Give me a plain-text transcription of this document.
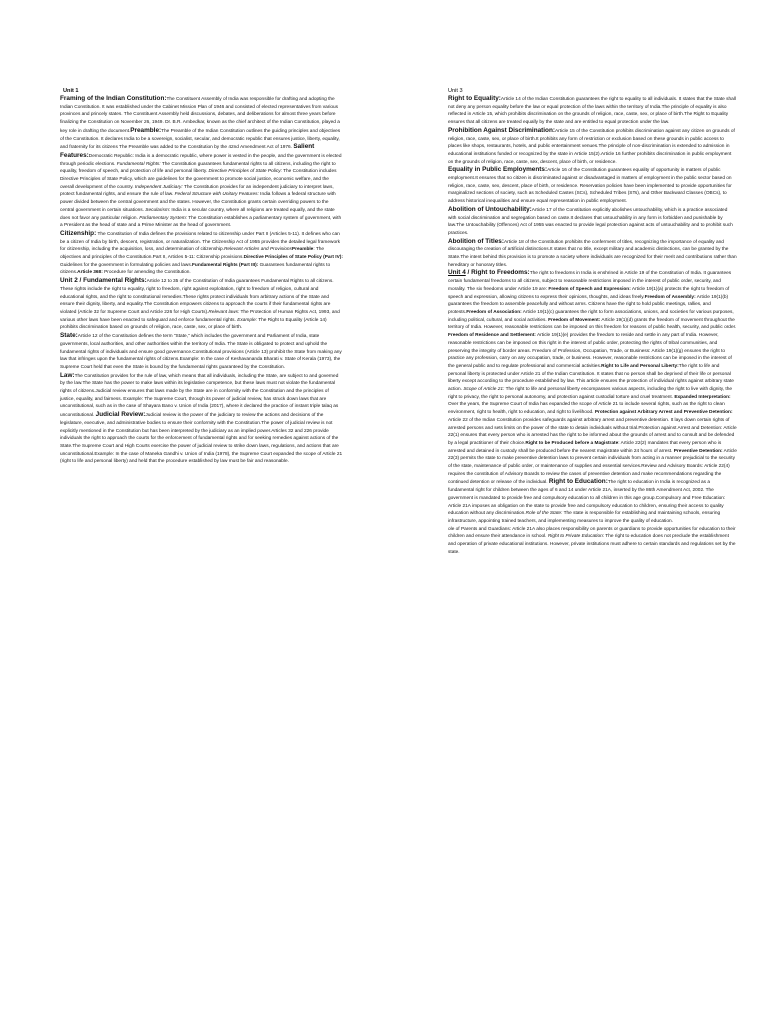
Unit 1

Framing of the Indian Constitution:The Constituent Assembly of India was responsible for drafting and adopting the Indian Constitution. It was established under the Cabinet Mission Plan of 1946 and consisted of elected representatives from various provinces and princely states. The Constituent Assembly held discussions, debates, and deliberations for almost three years before finalizing the Constitution on November 26, 1949. Dr. B.R. Ambedkar, known as the chief architect of the Indian Constitution, played a key role in drafting the document.Preamble:The Preamble of the Indian Constitution outlines the guiding principles and objectives of the Constitution. It declares India to be a sovereign, socialist, secular, and democratic republic that ensures justice, liberty, equality, and fraternity for its citizens The Preamble was added to the Constitution by the 42nd Amendment Act of 1976. Salient Features:Democratic Republic: India is a democratic republic, where power is vested in the people, and the government is elected through periodic elections. Fundamental Rights: The Constitution guarantees fundamental rights to all citizens, including the right to equality, freedom of speech, and protection of life and personal liberty. Directive Principles of State Policy: The Constitution includes Directive Principles of State Policy, which are guidelines for the government to promote social justice, economic welfare, and the overall development of the country. Independent Judiciary: The Constitution provides for an independent judiciary to interpret laws, protect fundamental rights, and ensure the rule of law. Federal Structure with Unitary Features: India follows a federal structure with power divided between the central government and the states. However, the Constitution grants certain overriding powers to the central government in certain situations. Secularism: India is a secular country, where all religions are treated equally, and the state does not favor any particular religion. Parliamentary System: The Constitution establishes a parliamentary system of government, with a President as the head of state and a Prime Minister as the head of government.

Citizenship: The Constitution of India defines the provisions related to citizenship under Part II (Articles 5-11). It defines who can be a citizen of India by birth, descent, registration, or naturalization. The Citizenship Act of 1955 provides the detailed legal framework for citizenship, including the acquisition, loss, and determination of citizenship.Relevant Articles and ProvisionsPreamble: The objectives and principles of the Constitution.Part II, Articles 5-11: Citizenship provisions.Directive Principles of State Policy (Part IV): Guidelines for the government in formulating policies and laws.Fundamental Rights (Part III): Guarantees fundamental rights to citizens.Article 368: Procedure for amending the Constitution.

Unit 2 / Fundamental Rights:Article 12 to 35 of the Constitution of India guarantees Fundamental Rights to all citizens. These rights include the right to equality, right to freedom, right against exploitation, right to freedom of religion, cultural and educational rights, and the right to constitutional remedies.These rights protect individuals from arbitrary actions of the State and ensure their dignity, liberty, and equality.The Constitution empowers citizens to approach the courts if their fundamental rights are violated (Article 32 for Supreme Court and Article 226 for High Courts).Relevant laws: The Protection of Human Rights Act, 1993, and various other laws have been enacted to safeguard and enforce fundamental rights. Example: The Right to Equality (Article 14) prohibits discrimination based on grounds of religion, race, caste, sex, or place of birth.

State:Article 12 of the Constitution defines the term "State," which includes the government and Parliament of India, state governments, local authorities, and other authorities within the territory of India. The State is obligated to protect and uphold the fundamental rights of individuals and ensure good governance.Constitutional provisions (Article 13) prohibit the State from making any law that infringes upon the fundamental rights of citizens.Example: In the case of Keshavananda Bharati v. State of Kerala (1973), the Supreme Court held that even the State is bound by the fundamental rights guaranteed by the Constitution.

Law:The Constitution provides for the rule of law, which means that all individuals, including the State, are subject to and governed by the law.The State has the power to make laws within its legislative competence, but these laws must not violate the fundamental rights of citizens.Judicial review ensures that laws made by the State are in conformity with the Constitution and the principles of justice, equality, and fairness. Example: The Supreme Court, through its power of judicial review, has struck down laws that are unconstitutional, such as in the case of Shayara Bano v. Union of India (2017), where it declared the practice of instant triple talaq as unconstitutional. Judicial Review:Judicial review is the power of the judiciary to review the actions and decisions of the legislature, executive, and administrative bodies to ensure their conformity with the Constitution.The power of judicial review is not explicitly mentioned in the Constitution but has been interpreted by the judiciary as an implied power.Articles 32 and 226 provide individuals the right to approach the courts for the enforcement of fundamental rights and for seeking remedies against actions of the State.The Supreme Court and High Courts exercise the power of judicial review to strike down laws, regulations, and actions that are unconstitutional.Example: In the case of Maneka Gandhi v. Union of India (1978), the Supreme Court expanded the scope of Article 21 (right to life and personal liberty) and held that the procedure established by law must be fair and reasonable.

Unit 3

Right to Equality:Article 14 of the Indian Constitution guarantees the right to equality to all individuals. It states that the State shall not deny any person equality before the law or equal protection of the laws within the territory of India.The principle of equality is also reflected in Article 15, which prohibits discrimination on the grounds of religion, race, caste, sex, or place of birth.The Right to Equality ensures that all citizens are treated equally by the state and are entitled to equal protection under the law.

Prohibition Against Discrimination:Article 15 of the Constitution prohibits discrimination against any citizen on grounds of religion, race, caste, sex, or place of birth.It prohibits any form of restriction or exclusion based on these grounds in public access to places like shops, restaurants, hotels, and public entertainment venues.The principle of non-discrimination is extended to admission in educational institutions funded or recognized by the state in Article 15(2).Article 16 further prohibits discrimination in public employment on the grounds of religion, race, caste, sex, descent, place of birth, or residence.

Equality in Public Employments:Article 16 of the Constitution guarantees equality of opportunity in matters of public employment.It ensures that no citizen is discriminated against or disadvantaged in matters of employment in the public sector based on religion, race, caste, sex, descent, place of birth, or residence. Reservation policies have been implemented to provide opportunities for marginalized sections of society, such as Scheduled Castes (SCs), Scheduled Tribes (STs), and Other Backward Classes (OBCs), to address historical inequalities and ensure equal representation in public employment.

Abolition of Untouchability:Article 17 of the Constitution explicitly abolishes untouchability, which is a practice associated with social discrimination and segregation based on caste.It declares that untouchability in any form is forbidden and punishable by law.The Untouchability (Offences) Act of 1955 was enacted to provide legal protection against acts of untouchability and to prohibit such practices.

Abolition of Titles:Article 18 of the Constitution prohibits the conferment of titles, recognizing the importance of equality and discouraging the creation of artificial distinctions.It states that no title, except military and academic distinctions, can be granted by the State.The intent behind this provision is to promote a society where individuals are recognized for their merit and contributions rather than hereditary or honorary titles.

Unit 4 / Right to Freedoms:The right to freedoms in India is enshrined in Article 19 of the Constitution of India. It guarantees certain fundamental freedoms to all citizens, subject to reasonable restrictions imposed in the interest of public order, security, and morality. The six freedoms under Article 19 are: Freedom of Speech and Expression: Article 19(1)(a) protects the right to freedom of speech and expression, allowing citizens to express their opinions, thoughts, and ideas freely.Freedom of Assembly: Article 19(1)(b) guarantees the freedom to assemble peacefully and without arms. Citizens have the right to hold public meetings, rallies, and protests.Freedom of Association: Article 19(1)(c) guarantees the right to form associations, unions, and societies for various purposes, including political, cultural, and social activities. Freedom of Movement: Article 19(1)(d) grants the freedom of movement throughout the territory of India. However, reasonable restrictions can be imposed on this freedom for reasons of public health, security, and public order. Freedom of Residence and Settlement: Article 19(1)(e) provides the freedom to reside and settle in any part of India. However, reasonable restrictions can be imposed on this right in the interest of public order, protecting the rights of tribal communities, and preserving the integrity of border areas. Freedom of Profession, Occupation, Trade, or Business: Article 19(1)(g) ensures the right to practice any profession, carry on any occupation, trade, or business. However, reasonable restrictions can be imposed in the interest of the general public and to regulate professional and commercial activities.Right to Life and Personal Liberty:The right to life and personal liberty is protected under Article 21 of the Indian Constitution. It states that no person shall be deprived of their life or personal liberty except according to the procedure established by law. This article ensures the protection of individual rights against arbitrary state action. Scope of Article 21: The right to life and personal liberty encompasses various aspects, including the right to live with dignity, the right to privacy, the right to personal autonomy, and protection against custodial torture and cruel treatment. Expanded Interpretation: Over the years, the Supreme Court of India has expanded the scope of Article 21 to include several rights, such as the right to clean environment, right to health, right to education, and right to livelihood. Protection against Arbitrary Arrest and Preventive Detention: Article 22 of the Indian Constitution provides safeguards against arbitrary arrest and preventive detention. It lays down certain rights of arrested persons and sets limits on the power of the state to detain individuals without trial.Protection against Arrest and Detention: Article 22(1) ensures that every person who is arrested has the right to be informed about the grounds of arrest and to consult and be defended by a legal practitioner of their choice.Right to be Produced before a Magistrate: Article 22(2) mandates that every person who is arrested and detained in custody shall be produced before the nearest magistrate within 24 hours of arrest. Preventive Detention: Article 22(3) permits the state to make preventive detention laws to prevent certain individuals from acting in a manner prejudicial to the security of the state, maintenance of public order, or maintenance of supplies and essential services.Review and Advisory Boards: Article 22(4) requires the constitution of Advisory Boards to review the cases of preventive detention and make recommendations regarding the continued detention or release of the individual. Right to Education:The right to education in India is recognized as a fundamental right for children between the ages of 6 and 14 under Article 21A, inserted by the 86th Amendment Act, 2002. The government is mandated to provide free and compulsory education to all children in this age group.Compulsory and Free Education: Article 21A imposes an obligation on the state to provide free and compulsory education to children, ensuring their access to quality education without any discrimination.Role of the State: The state is responsible for establishing and maintaining schools, ensuring infrastructure, appointing trained teachers, and implementing measures to improve the quality of education.

ole of Parents and Guardians: Article 21A also places responsibility on parents or guardians to provide opportunities for education to their children and ensure their attendance in school. Right to Private Education: The right to education does not preclude the establishment and operation of private educational institutions. However, private institutions must adhere to certain standards and regulations set by the state.
